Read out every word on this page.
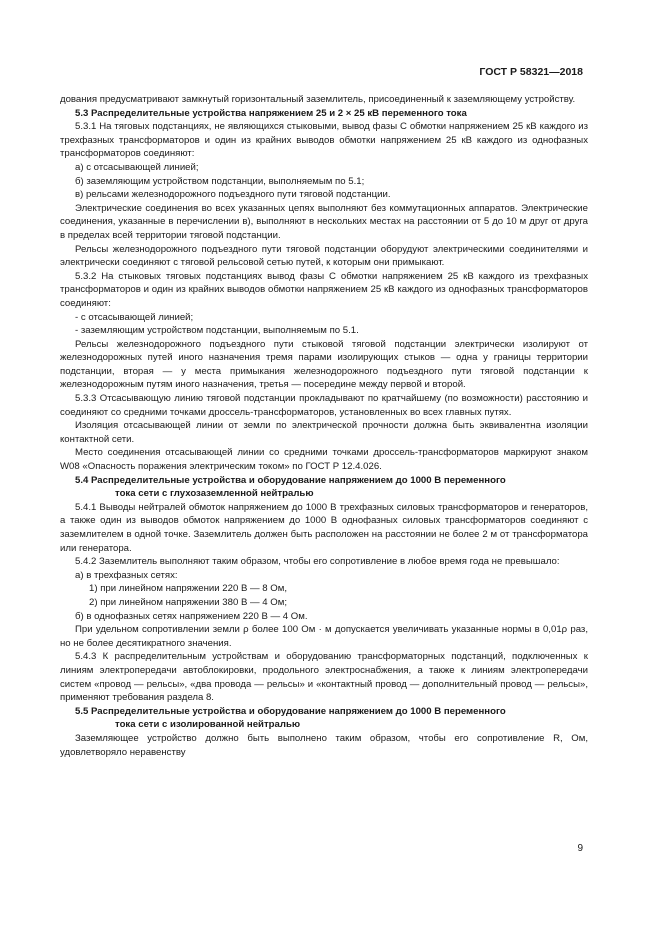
ГОСТ Р 58321—2018

дования предусматривают замкнутый горизонтальный заземлитель, присоединенный к заземляющему устройству.

5.3 Распределительные устройства напряжением 25 и 2 × 25 кВ переменного тока

5.3.1 На тяговых подстанциях, не являющихся стыковыми, вывод фазы С обмотки напряжением 25 кВ каждого из трехфазных трансформаторов и один из крайних выводов обмотки напряжением 25 кВ каждого из однофазных трансформаторов соединяют:

а) с отсасывающей линией;

б) заземляющим устройством подстанции, выполняемым по 5.1;

в) рельсами железнодорожного подъездного пути тяговой подстанции.

Электрические соединения во всех указанных цепях выполняют без коммутационных аппаратов. Электрические соединения, указанные в перечислении в), выполняют в нескольких местах на расстоянии от 5 до 10 м друг от друга в пределах всей территории тяговой подстанции.

Рельсы железнодорожного подъездного пути тяговой подстанции оборудуют электрическими соединителями и электрически соединяют с тяговой рельсовой сетью путей, к которым они примыкают.

5.3.2 На стыковых тяговых подстанциях вывод фазы С обмотки напряжением 25 кВ каждого из трехфазных трансформаторов и один из крайних выводов обмотки напряжением 25 кВ каждого из однофазных трансформаторов соединяют:

- с отсасывающей линией;

- заземляющим устройством подстанции, выполняемым по 5.1.

Рельсы железнодорожного подъездного пути стыковой тяговой подстанции электрически изолируют от железнодорожных путей иного назначения тремя парами изолирующих стыков — одна у границы территории подстанции, вторая — у места примыкания железнодорожного подъездного пути тяговой подстанции к железнодорожным путям иного назначения, третья — посередине между первой и второй.

5.3.3 Отсасывающую линию тяговой подстанции прокладывают по кратчайшему (по возможности) расстоянию и соединяют со средними точками дроссель-трансформаторов, установленных во всех главных путях.

Изоляция отсасывающей линии от земли по электрической прочности должна быть эквивалентна изоляции контактной сети.

Место соединения отсасывающей линии со средними точками дроссель-трансформаторов маркируют знаком W08 «Опасность поражения электрическим током» по ГОСТ Р 12.4.026.

5.4 Распределительные устройства и оборудование напряжением до 1000 В переменного
тока сети с глухозаземленной нейтралью

5.4.1 Выводы нейтралей обмоток напряжением до 1000 В трехфазных силовых трансформаторов и генераторов, а также один из выводов обмоток напряжением до 1000 В однофазных силовых трансформаторов соединяют с заземлителем в одной точке. Заземлитель должен быть расположен на расстоянии не более 2 м от трансформатора или генератора.

5.4.2 Заземлитель выполняют таким образом, чтобы его сопротивление в любое время года не превышало:

а) в трехфазных сетях:

1) при линейном напряжении 220 В — 8 Ом,

2) при линейном напряжении 380 В — 4 Ом;

б) в однофазных сетях напряжением 220 В — 4 Ом.

При удельном сопротивлении земли ρ более 100 Ом · м допускается увеличивать указанные нормы в 0,01ρ раз, но не более десятикратного значения.

5.4.3 К распределительным устройствам и оборудованию трансформаторных подстанций, подключенных к линиям электропередачи автоблокировки, продольного электроснабжения, а также к линиям электропередачи систем «провод — рельсы», «два провода — рельсы» и «контактный провод — дополнительный провод — рельсы», применяют требования раздела 8.

5.5 Распределительные устройства и оборудование напряжением до 1000 В переменного
тока сети с изолированной нейтралью

Заземляющее устройство должно быть выполнено таким образом, чтобы его сопротивление R, Ом, удовлетворяло неравенству

9
